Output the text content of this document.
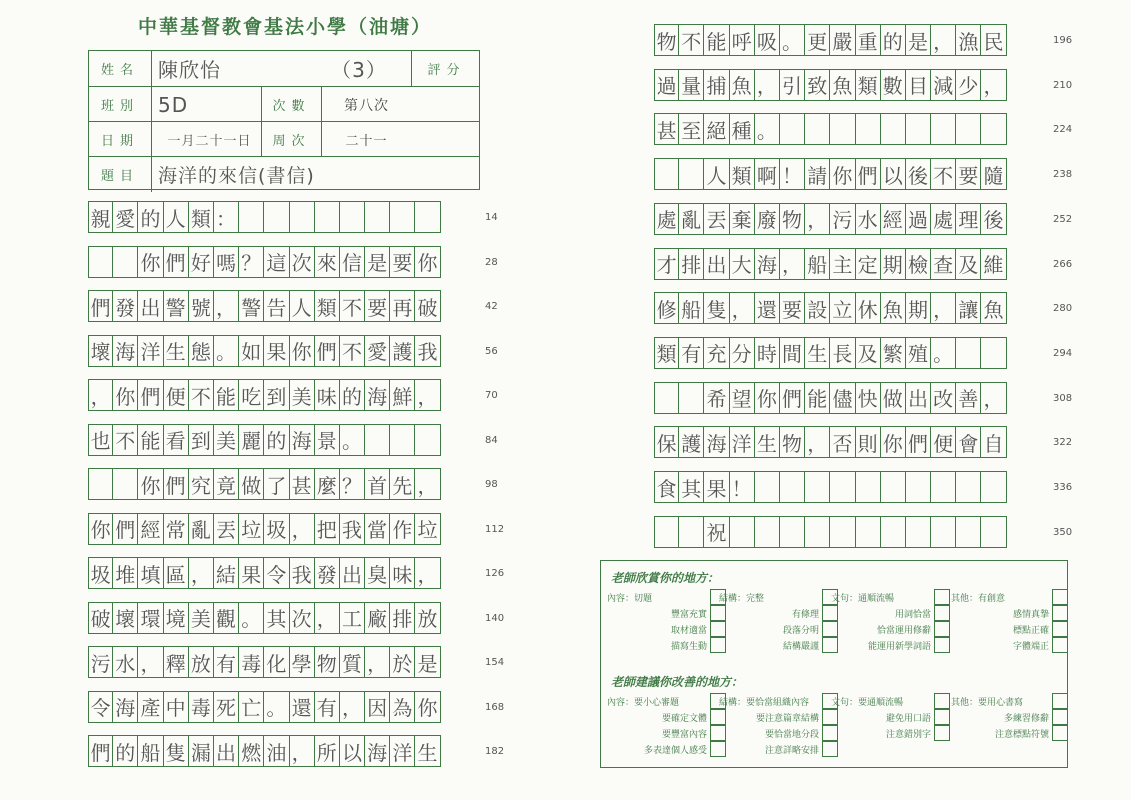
中華基督教會基法小學（油塘）
姓名 陳欣怡	（3）	評分
班別 5D	次數	第八次
日期	一月二十一日	周次	二十一
題目	海洋的來信(書信)
親 愛 的 人 類 ：	14
你 們 好 嗎 ？ 這 次 來 信 是 要 你	28
們 發 出 警 號 ， 警 告 人 類 不 要 再 破	42
壞 海 洋 生 態 。 如 果 你 們 不 愛 護 我	56
， 你 們 便 不 能 吃 到 美 味 的 海 鮮 ，	70
也 不 能 看 到 美 麗 的 海 景 。	84
你 們 究 竟 做 了 甚 麼 ？ 首 先 ，	98
你 們 經 常 亂 丟 垃 圾 ， 把 我 當 作 垃	112
圾 堆 填 區 ， 結 果 令 我 發 出 臭 味 ，	126
破 壞 環 境 美 觀 。 其 次 ， 工 廠 排 放	140
污 水 ， 釋 放 有 毒 化 學 物 質 ， 於 是	154
令 海 產 中 毒 死 亡 。 還 有 ， 因 為 你	168
們 的 船 隻 漏 出 燃 油 ， 所 以 海 洋 生	182
物 不 能 呼 吸 。 更 嚴 重 的 是 ， 漁 民	196
過 量 捕 魚 ， 引 致 魚 類 數 目 減 少 ，	210
甚 至 絕 種 。	224
人 類 啊 ！ 請 你 們 以 後 不 要 隨	238
處 亂 丟 棄 廢 物 ， 污 水 經 過 處 理 後	252
才 排 出 大 海 ， 船 主 定 期 檢 查 及 維	266
修 船 隻 ， 還 要 設 立 休 魚 期 ， 讓 魚	280
類 有 充 分 時 間 生 長 及 繁 殖 。	294
希 望 你 們 能 儘 快 做 出 改 善 ，	308
保 護 海 洋 生 物 ， 否 則 你 們 便 會 自	322
食 其 果 ！	336
祝	350
老師欣賞你的地方：
內容：切題	結構：完整	文句：通順流暢	其他：有創意
豐富充實	有條理	用詞恰當	感情真摯
取材適當	段落分明	恰當運用修辭	標點正確
描寫生動	結構嚴謹	能運用新學詞語	字體端正
老師建議你改善的地方：
內容：要小心審題	結構：要恰當組織內容	文句：要通順流暢	其他：要用心書寫
要確定文體	要注意篇章結構	避免用口語	多練習修辭
要豐富內容	要恰當地分段	注意錯別字	注意標點符號
多表達個人感受	注意詳略安排
